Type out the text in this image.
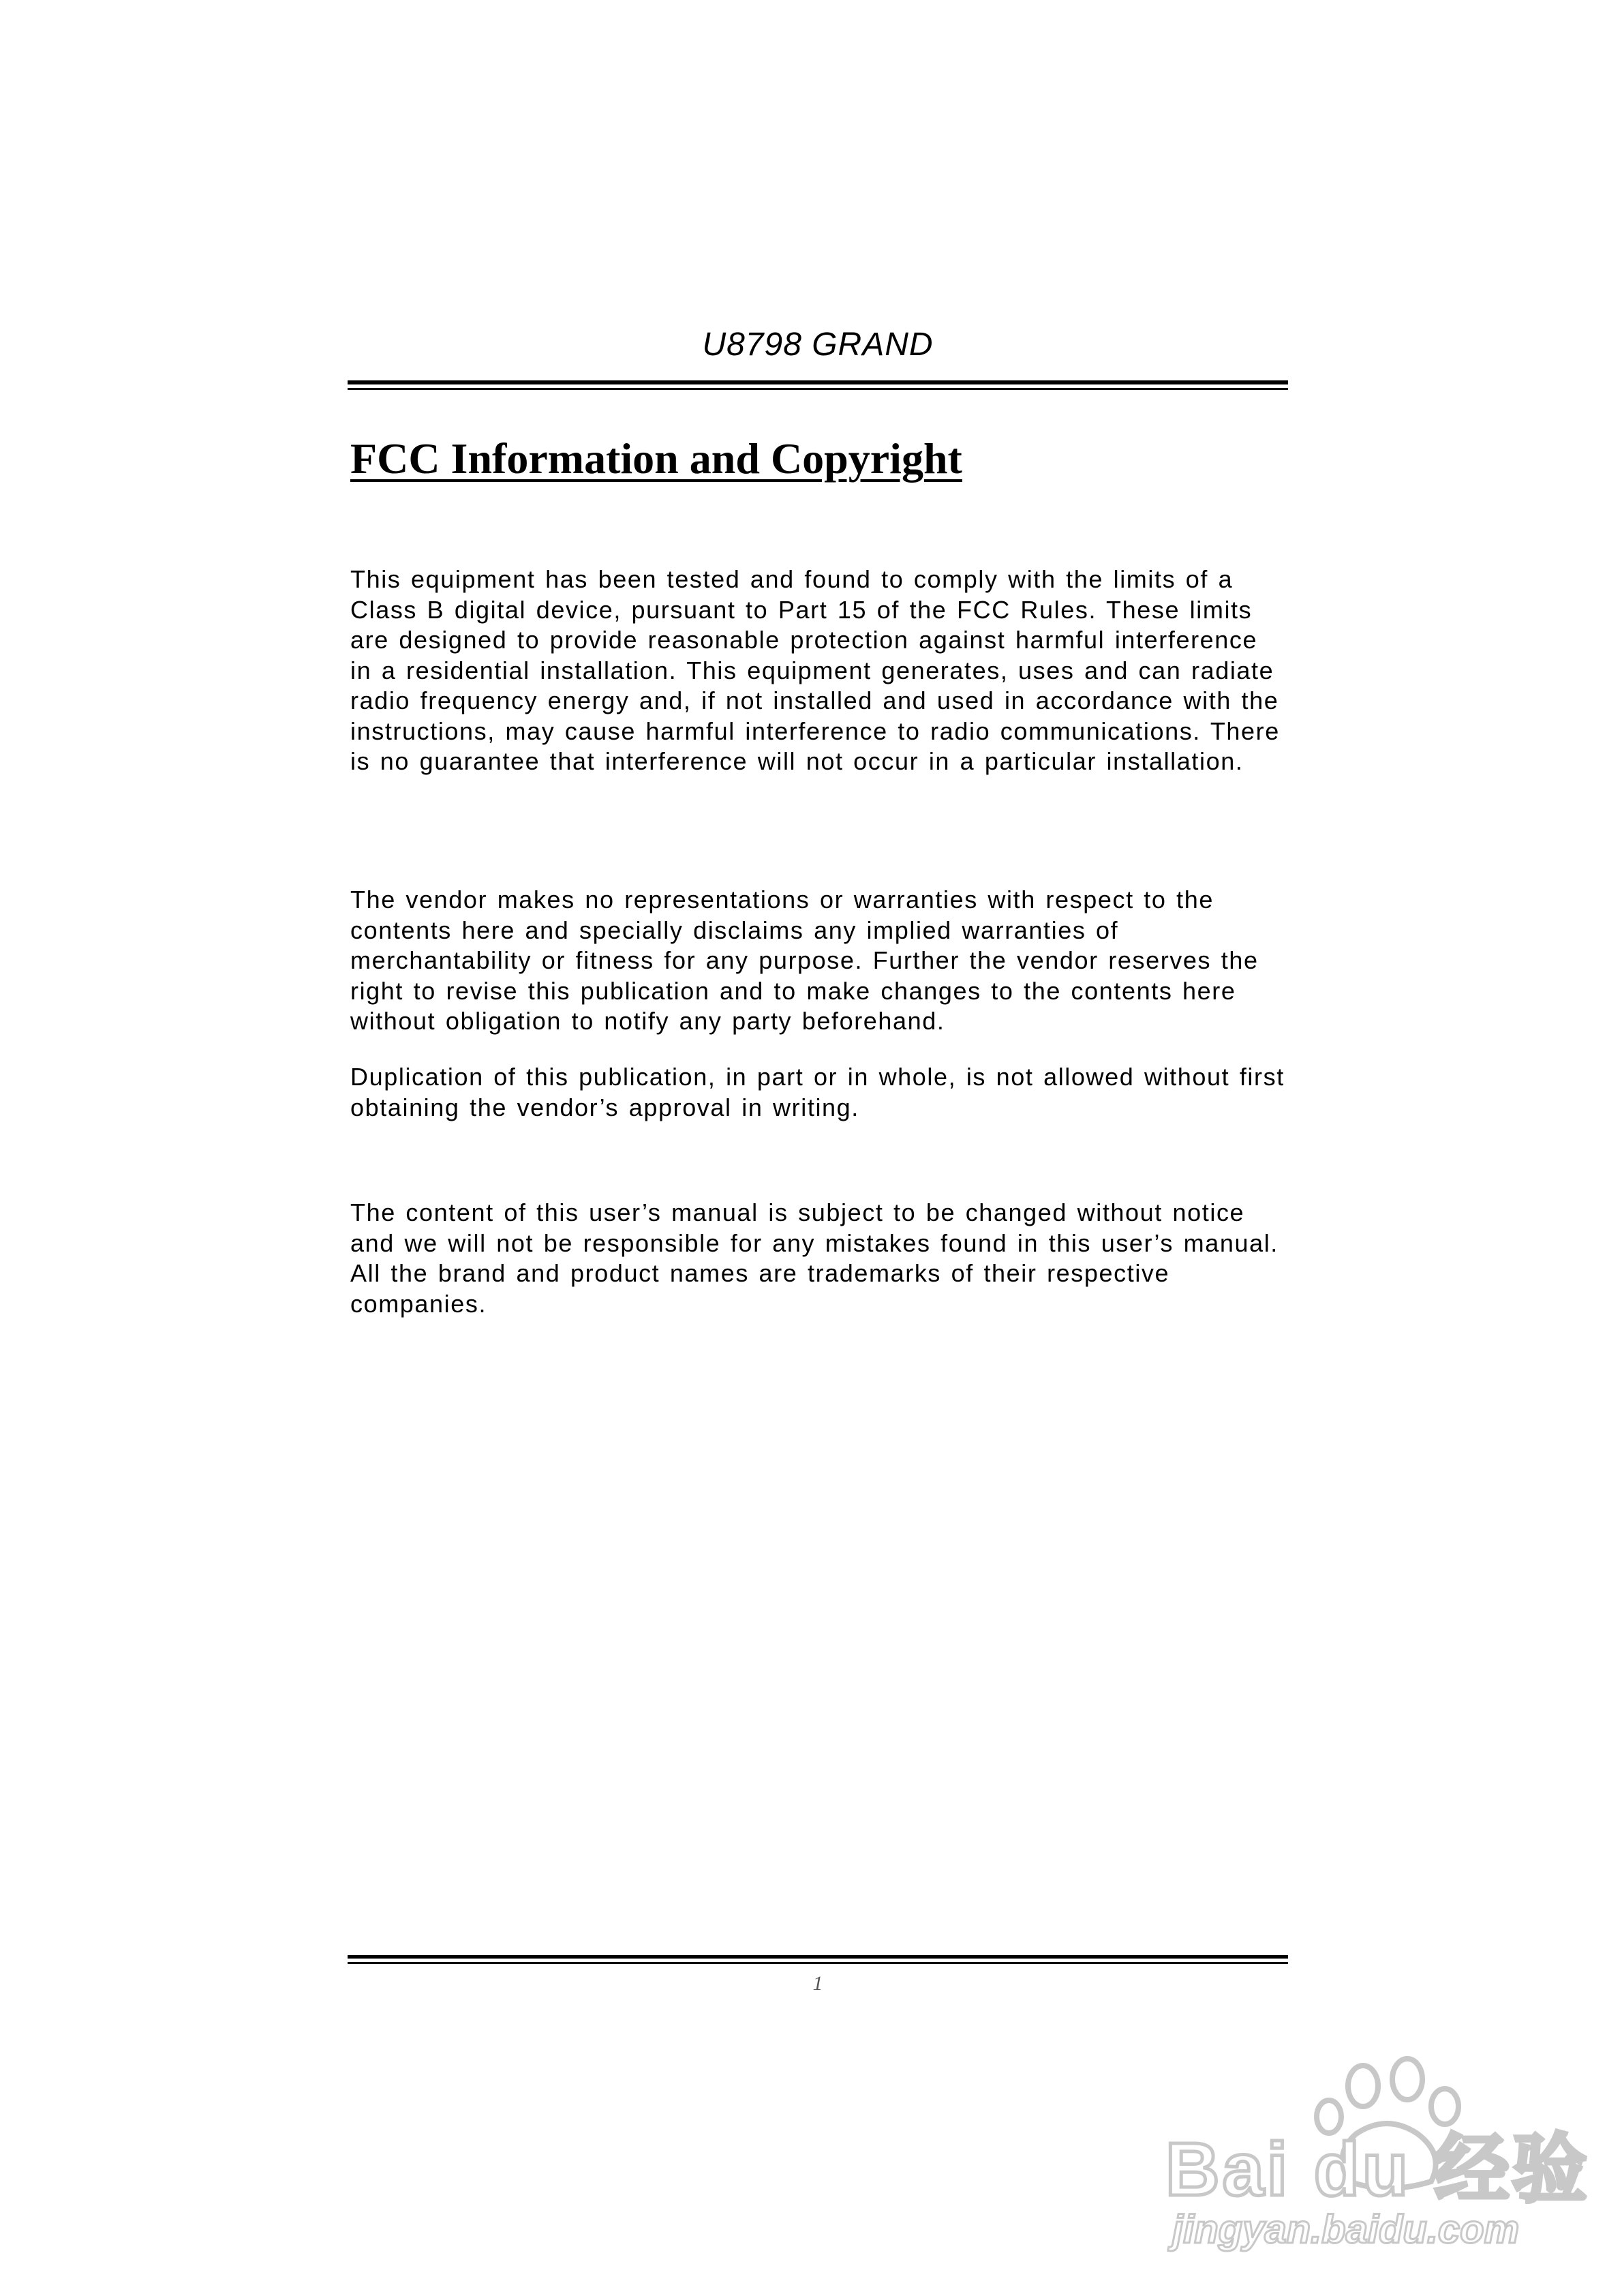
U8798 GRAND
FCC Information and Copyright

This equipment has been tested and found to comply with the limits of a Class B digital device, pursuant to Part 15 of the FCC Rules. These limits are designed to provide reasonable protection against harmful interference in a residential installation. This equipment generates, uses and can radiate radio frequency energy and, if not installed and used in accordance with the instructions, may cause harmful interference to radio communications. There is no guarantee that interference will not occur in a particular installation.

The vendor makes no representations or warranties with respect to the contents here and specially disclaims any implied warranties of merchantability or fitness for any purpose. Further the vendor reserves the right to revise this publication and to make changes to the contents here without obligation to notify any party beforehand.

Duplication of this publication, in part or in whole, is not allowed without first obtaining the vendor’s approval in writing.

The content of this user’s manual is subject to be changed without notice and we will not be responsible for any mistakes found in this user’s manual. All the brand and product names are trademarks of their respective companies.

1
Bai du 经验
jingyan.baidu.com
